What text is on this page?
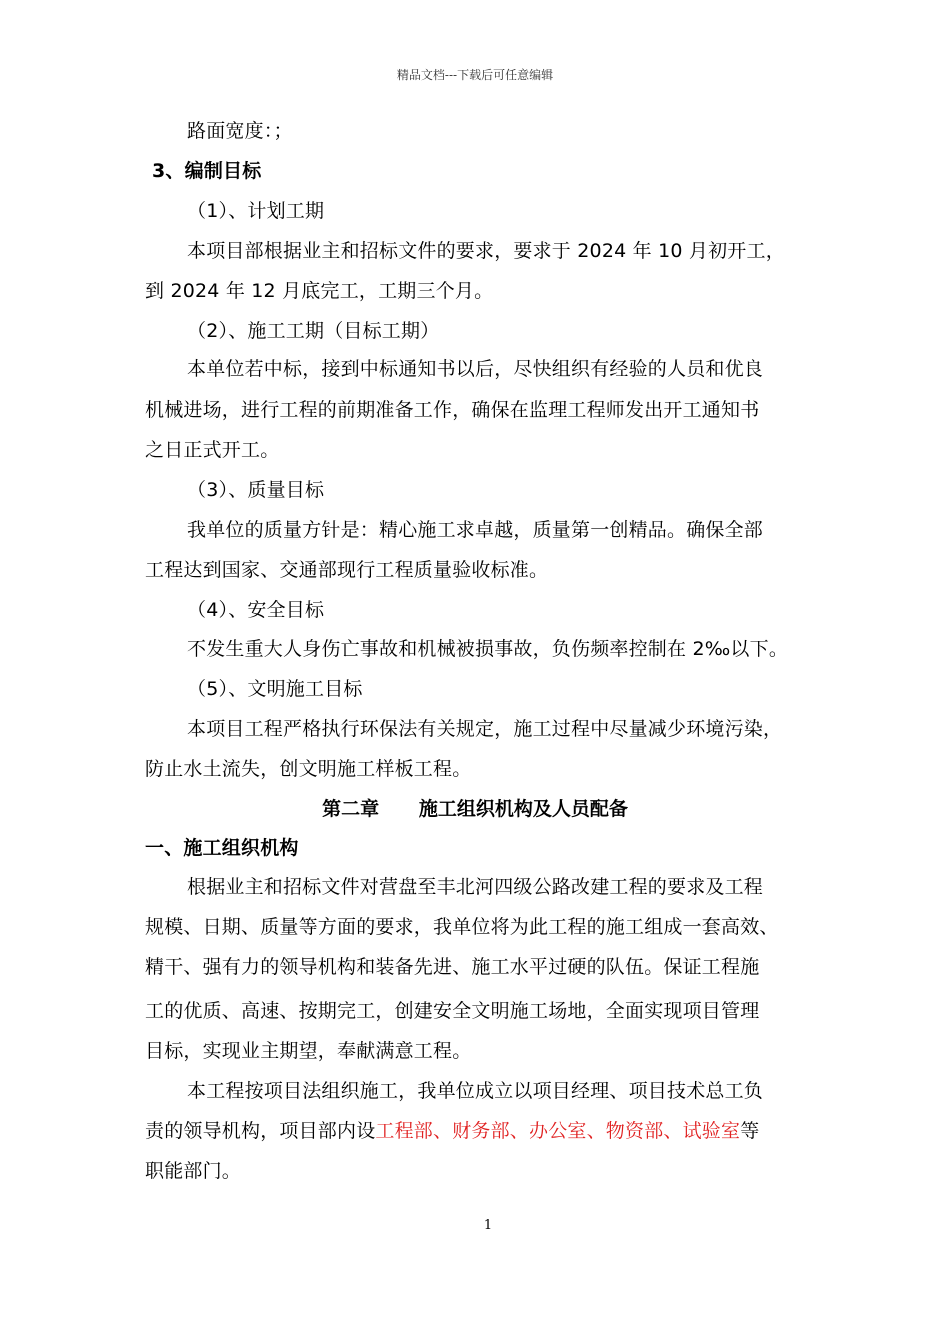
精品文档---下载后可任意编辑
路面宽度：；
3、编制目标
（1）、计划工期
本项目部根据业主和招标文件的要求，要求于 2024 年 10 月初开工，
到 2024 年 12 月底完工，工期三个月。
（2）、施工工期（目标工期）
本单位若中标，接到中标通知书以后，尽快组织有经验的人员和优良
机械进场，进行工程的前期准备工作，确保在监理工程师发出开工通知书
之日正式开工。
（3）、质量目标
我单位的质量方针是：精心施工求卓越，质量第一创精品。确保全部
工程达到国家、交通部现行工程质量验收标准。
（4）、安全目标
不发生重大人身伤亡事故和机械被损事故，负伤频率控制在 2‰以下。
（5）、文明施工目标
本项目工程严格执行环保法有关规定，施工过程中尽量减少环境污染，
防止水土流失，创文明施工样板工程。
第二章      施工组织机构及人员配备
一、施工组织机构
根据业主和招标文件对营盘至丰北河四级公路改建工程的要求及工程
规模、日期、质量等方面的要求，我单位将为此工程的施工组成一套高效、
精干、强有力的领导机构和装备先进、施工水平过硬的队伍。保证工程施
工的优质、高速、按期完工，创建安全文明施工场地，全面实现项目管理
目标，实现业主期望，奉献满意工程。
本工程按项目法组织施工，我单位成立以项目经理、项目技术总工负
责的领导机构，项目部内设工程部、财务部、办公室、物资部、试验室等
职能部门。
1
